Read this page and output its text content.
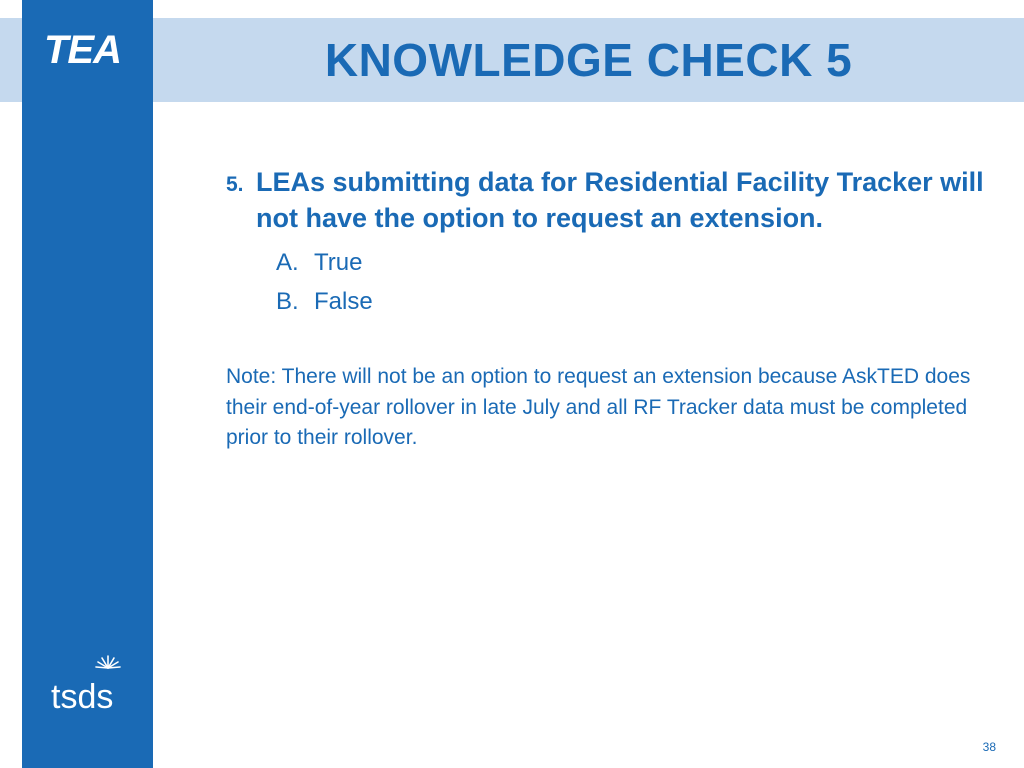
TEA	KNOWLEDGE CHECK 5
5. LEAs submitting data for Residential Facility Tracker will not have the option to request an extension.
A. True
B. False
Note: There will not be an option to request an extension because AskTED does their end-of-year rollover in late July and all RF Tracker data must be completed prior to their rollover.
tsds
38
